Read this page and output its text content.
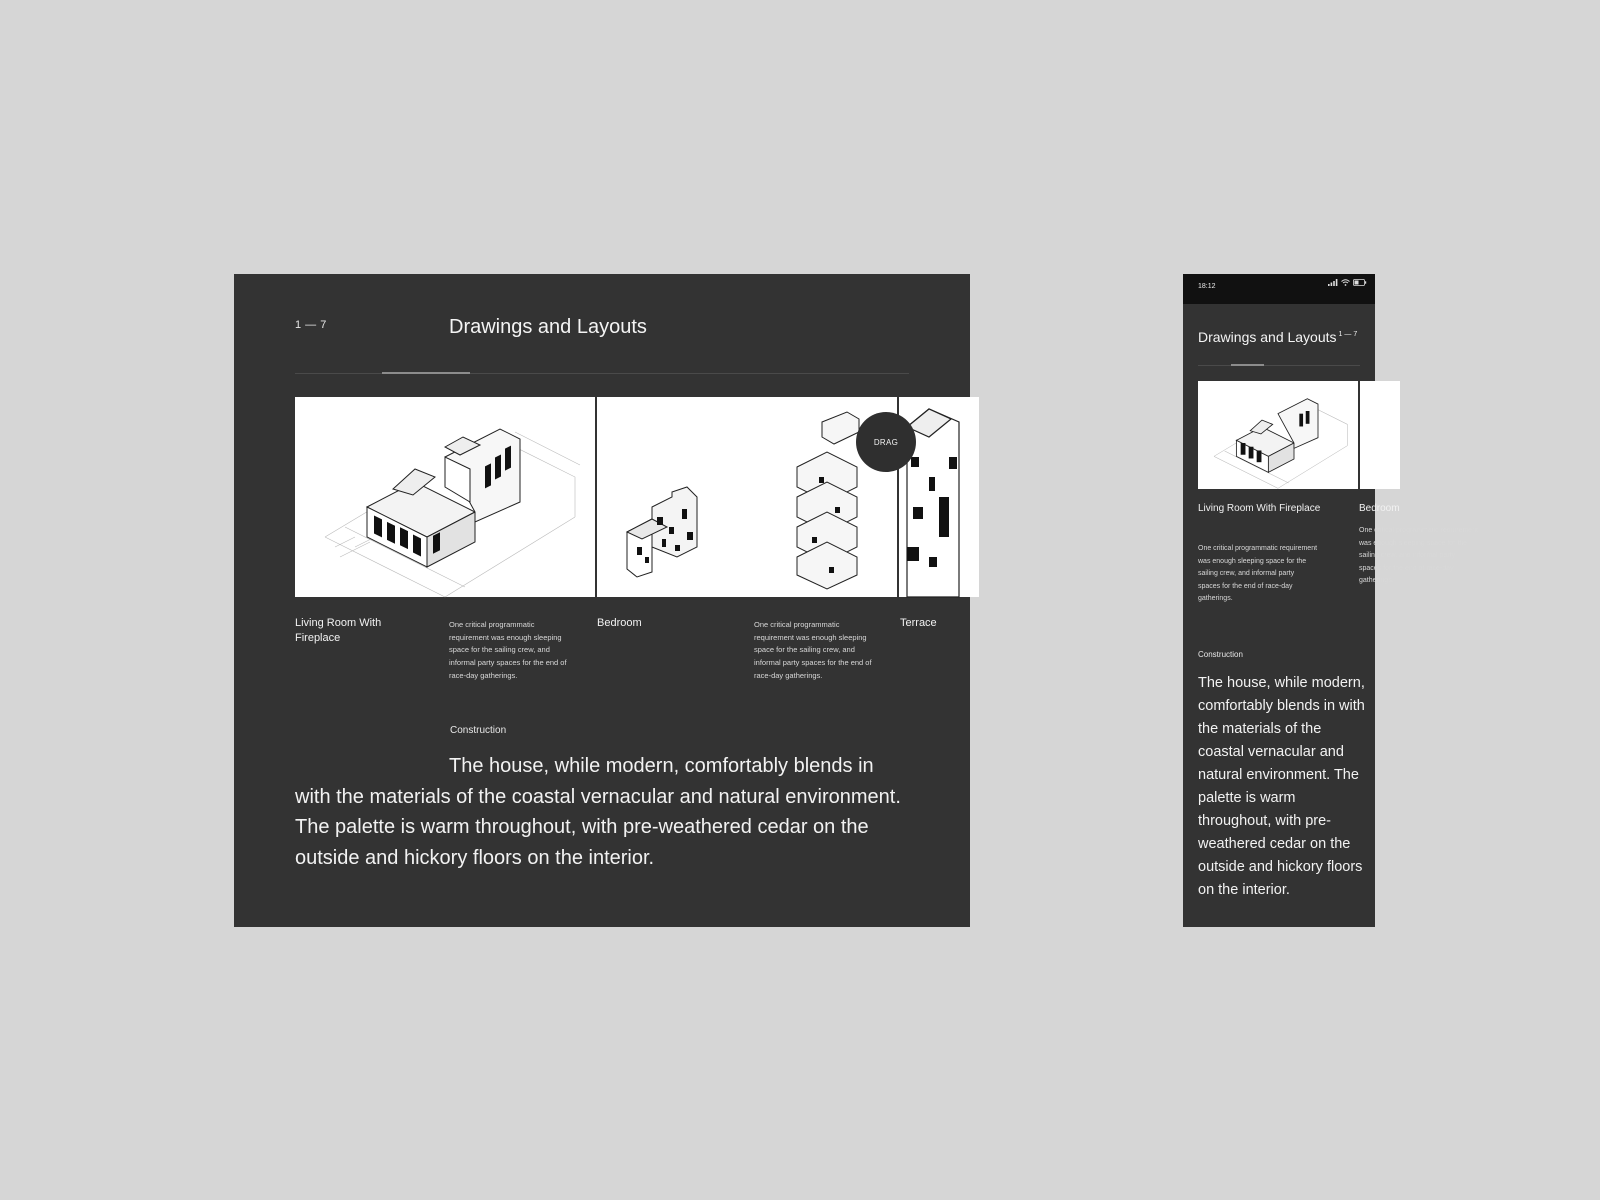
1 — 7	Drawings and Layouts
DRAG
Living Room With Fireplace
One critical programmatic requirement was enough sleeping space for the sailing crew, and informal party spaces for the end of race-day gatherings.
Bedroom	One critical programmatic requirement was enough sleeping space for the sailing crew, and informal party spaces for the end of race-day gatherings.
Terrace
Construction
The house, while modern, comfortably blends in with the materials of the coastal vernacular and natural environment. The palette is warm throughout, with pre-weathered cedar on the outside and hickory floors on the interior.
18:12
Drawings and Layouts $^{1 — 7}$
Living Room With Fireplace
One critical programmatic requirement was enough sleeping space for the sailing crew, and informal party spaces for the end of race-day gatherings.
Bedroom
One critical programmatic requirement was enough sleeping space for the sailing crew, and informal party spaces for the end of race-day gatherings.
Construction
The house, while modern, comfortably blends in with the materials of the coastal vernacular and natural environment. The palette is warm throughout, with pre-weathered cedar on the outside and hickory floors on the interior.
